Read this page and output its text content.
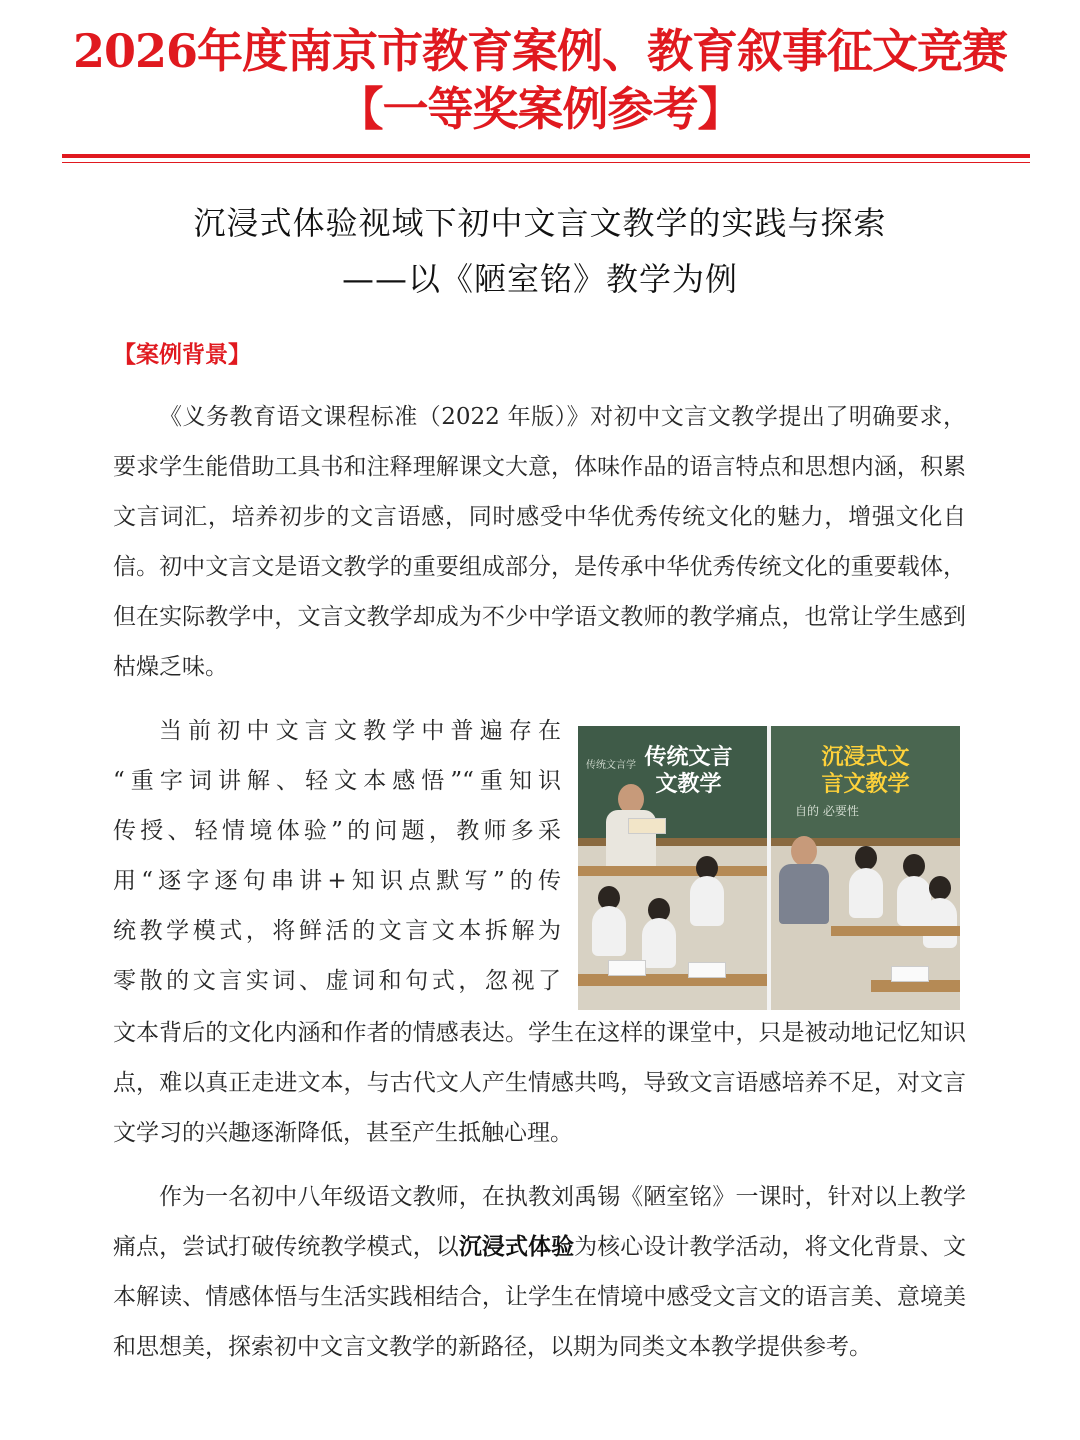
2026年度南京市教育案例、教育叙事征文竞赛
【一等奖案例参考】
沉浸式体验视域下初中文言文教学的实践与探索
——以《陋室铭》教学为例
【案例背景】

《义务教育语文课程标准（2022 年版）》对初中文言文教学提出了明确要求，要求学生能借助工具书和注释理解课文大意，体味作品的语言特点和思想内涵，积累文言词汇，培养初步的文言语感，同时感受中华优秀传统文化的魅力，增强文化自信。初中文言文是语文教学的重要组成部分，是传承中华优秀传统文化的重要载体，但在实际教学中，文言文教学却成为不少中学语文教师的教学痛点，也常让学生感到枯燥乏味。

当前初中文言文教学中普遍存在

“重字词讲解、轻文本感悟”“重知识

传授、轻情境体验”的问题，教师多采

用“逐字逐句串讲+知识点默写”的传

统教学模式，将鲜活的文言文本拆解为

零散的文言实词、虚词和句式，忽视了

文本背后的文化内涵和作者的情感表达。学生在这样的课堂中，只是被动地记忆知识点，难以真正走进文本，与古代文人产生情感共鸣，导致文言语感培养不足，对文言文学习的兴趣逐渐降低，甚至产生抵触心理。

作为一名初中八年级语文教师，在执教刘禹锡《陋室铭》一课时，针对以上教学痛点，尝试打破传统教学模式，以沉浸式体验为核心设计教学活动，将文化背景、文本解读、情感体悟与生活实践相结合，让学生在情境中感受文言文的语言美、意境美和思想美，探索初中文言文教学的新路径，以期为同类文本教学提供参考。

传统文言学 传统文言
文教学
自的 必要性
沉浸式文
言文教学
